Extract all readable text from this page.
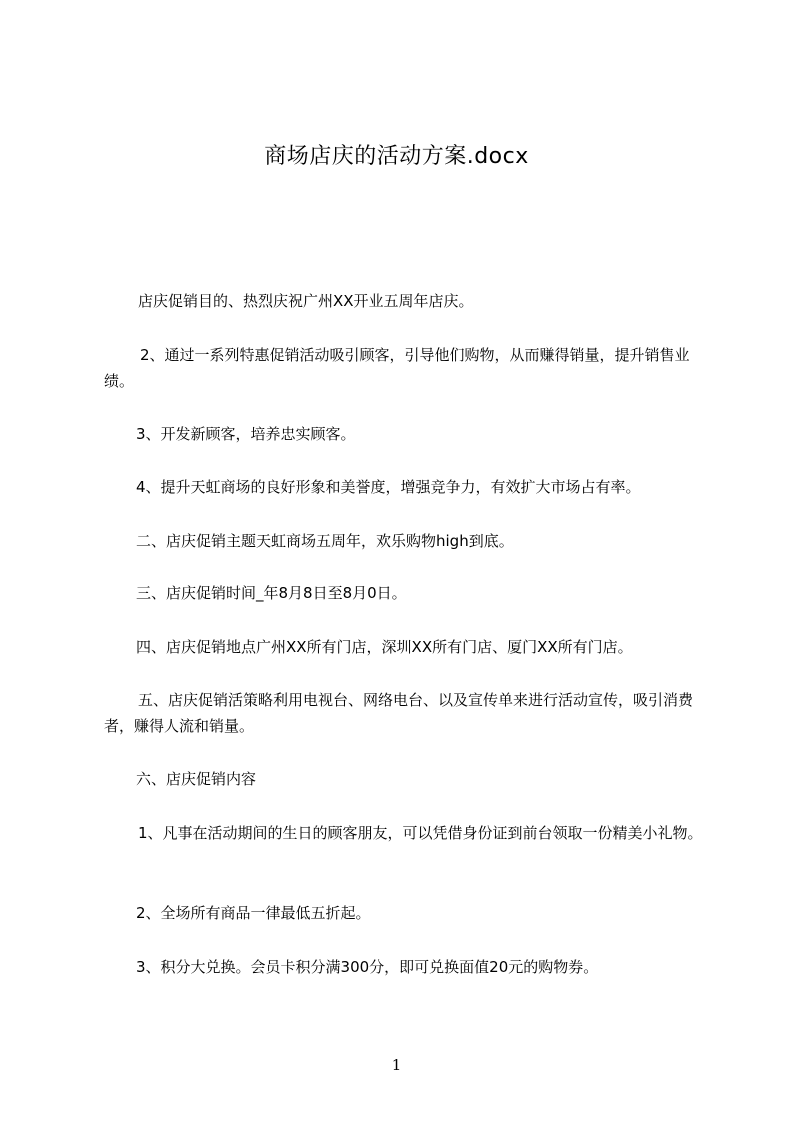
商场店庆的活动方案.docx

店庆促销目的、热烈庆祝广州XX开业五周年店庆。

2、通过一系列特惠促销活动吸引顾客，引导他们购物，从而赚得销量，提升销售业绩。

3、开发新顾客，培养忠实顾客。

4、提升天虹商场的良好形象和美誉度，增强竞争力，有效扩大市场占有率。

二、店庆促销主题天虹商场五周年，欢乐购物high到底。

三、店庆促销时间_年8月8日至8月0日。

四、店庆促销地点广州XX所有门店，深圳XX所有门店、厦门XX所有门店。

五、店庆促销活策略利用电视台、网络电台、以及宣传单来进行活动宣传，吸引消费者，赚得人流和销量。

六、店庆促销内容

1、凡事在活动期间的生日的顾客朋友，可以凭借身份证到前台领取一份精美小礼物。

2、全场所有商品一律最低五折起。

3、积分大兑换。会员卡积分满300分，即可兑换面值20元的购物券。

1
